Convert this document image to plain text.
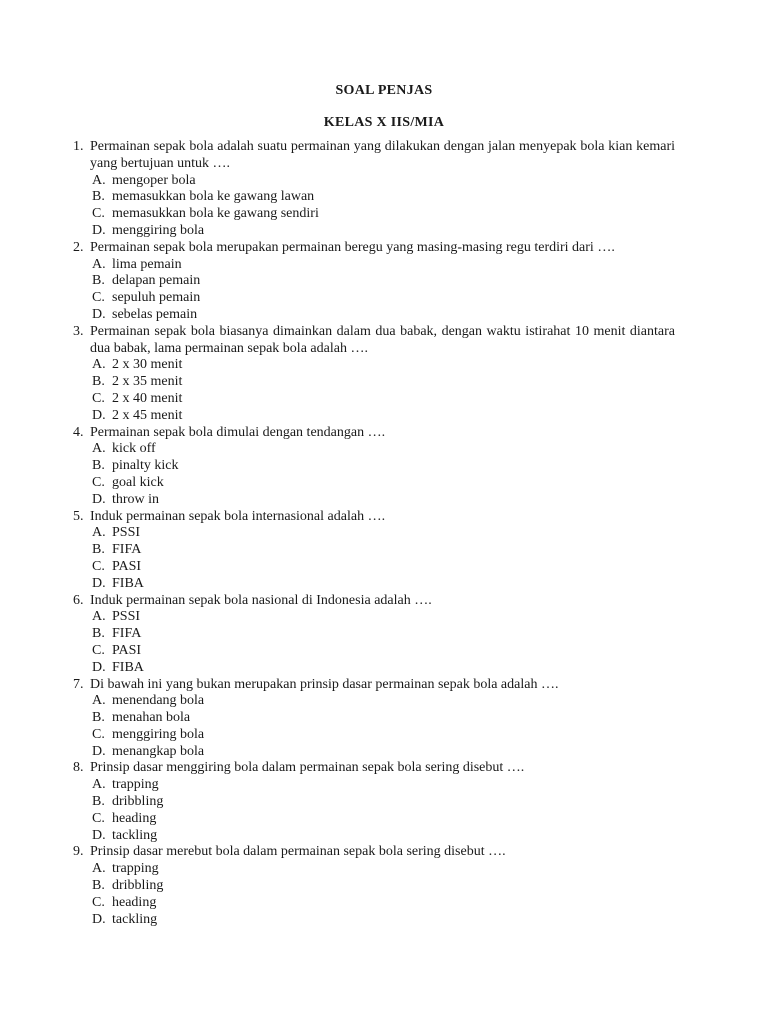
SOAL PENJAS
KELAS X IIS/MIA
1. Permainan sepak bola adalah suatu permainan yang dilakukan dengan jalan menyepak bola kian kemari yang bertujuan untuk ….
A. mengoper bola
B. memasukkan bola ke gawang lawan
C. memasukkan bola ke gawang sendiri
D. menggiring bola
2. Permainan sepak bola merupakan permainan beregu yang masing-masing regu terdiri dari ….
A. lima pemain
B. delapan pemain
C. sepuluh pemain
D. sebelas pemain
3. Permainan sepak bola biasanya dimainkan dalam dua babak, dengan waktu istirahat 10 menit diantara dua babak, lama permainan sepak bola adalah ….
A. 2 x 30 menit
B. 2 x 35 menit
C. 2 x 40 menit
D. 2 x 45 menit
4. Permainan sepak bola dimulai dengan tendangan ….
A. kick off
B. pinalty kick
C. goal kick
D. throw in
5. Induk permainan sepak bola internasional adalah ….
A. PSSI
B. FIFA
C. PASI
D. FIBA
6. Induk permainan sepak bola nasional di Indonesia adalah ….
A. PSSI
B. FIFA
C. PASI
D. FIBA
7. Di bawah ini yang bukan merupakan prinsip dasar permainan sepak bola adalah ….
A. menendang bola
B. menahan bola
C. menggiring bola
D. menangkap bola
8. Prinsip dasar menggiring bola dalam permainan sepak bola sering disebut ….
A. trapping
B. dribbling
C. heading
D. tackling
9. Prinsip dasar merebut bola dalam permainan sepak bola sering disebut ….
A. trapping
B. dribbling
C. heading
D. tackling
